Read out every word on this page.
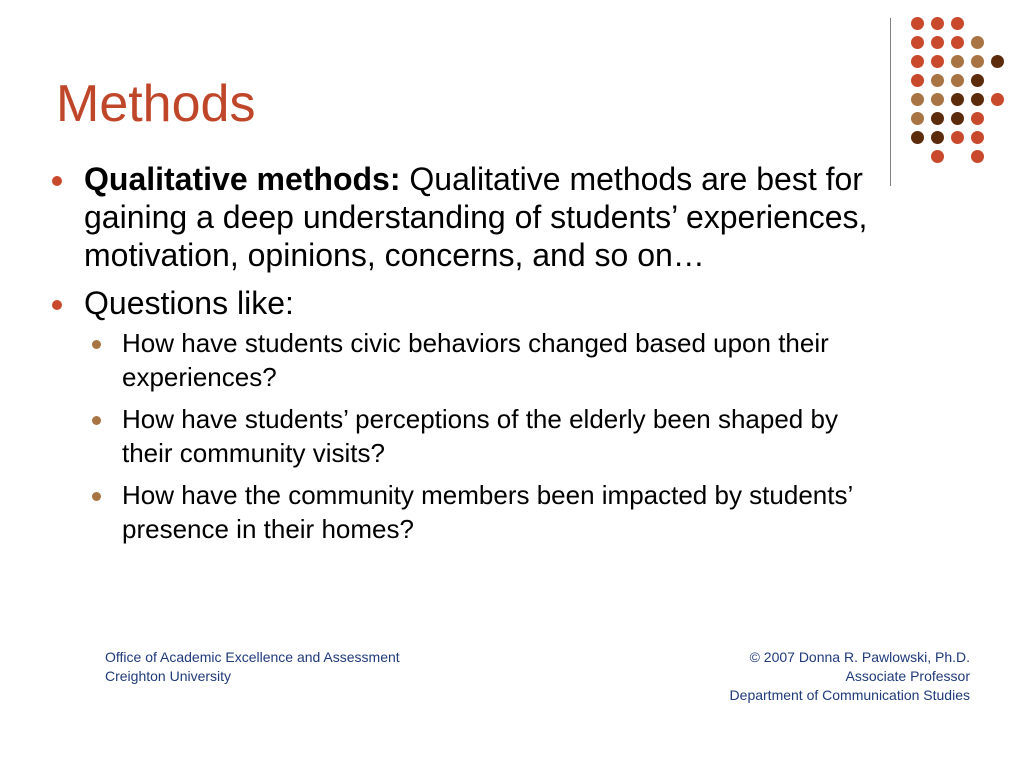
Methods
Qualitative methods: Qualitative methods are best for gaining a deep understanding of students’ experiences, motivation, opinions, concerns, and so on…
Questions like:
How have students civic behaviors changed based upon their experiences?
How have students’ perceptions of the elderly been shaped by their community visits?
How have the community members been impacted by students’ presence in their homes?
Office of Academic Excellence and Assessment
Creighton University
© 2007 Donna R. Pawlowski, Ph.D.
Associate Professor
Department of Communication Studies
